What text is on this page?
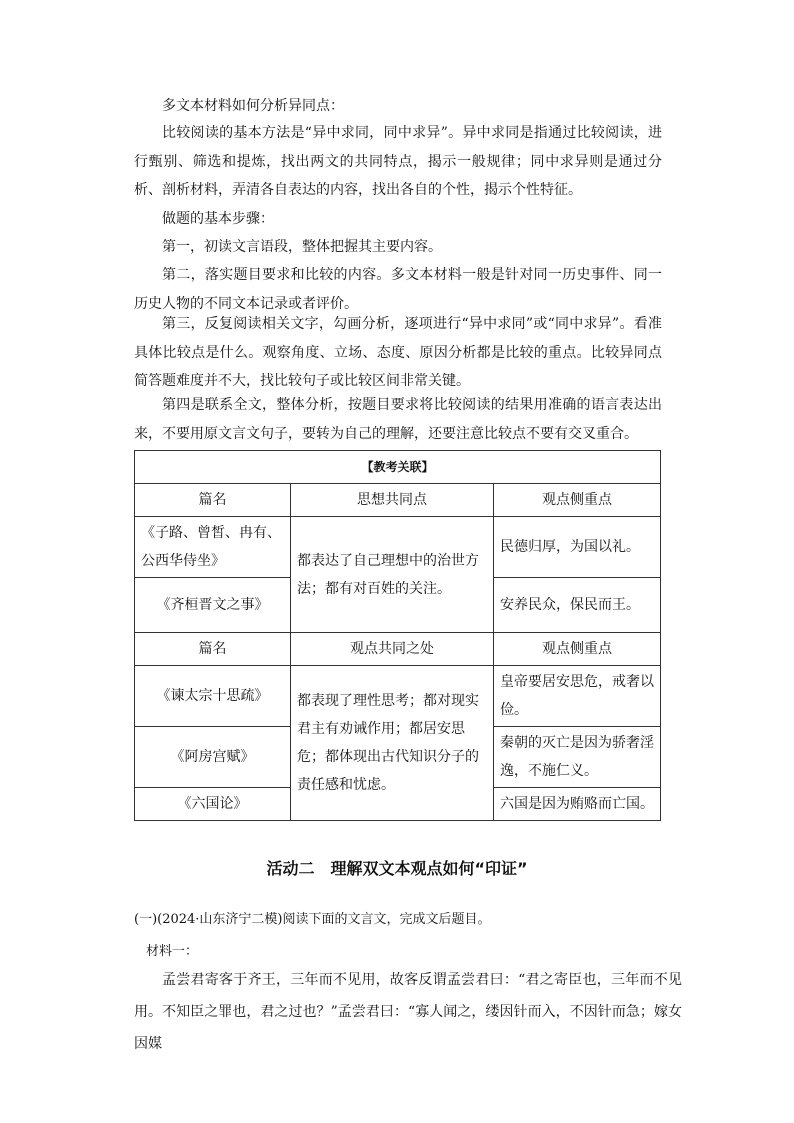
多文本材料如何分析异同点：

比较阅读的基本方法是“异中求同，同中求异”。异中求同是指通过比较阅读，进行甄别、筛选和提炼，找出两文的共同特点，揭示一般规律；同中求异则是通过分析、剖析材料，弄清各自表达的内容，找出各自的个性，揭示个性特征。

做题的基本步骤：

第一，初读文言语段，整体把握其主要内容。

第二，落实题目要求和比较的内容。多文本材料一般是针对同一历史事件、同一历史人物的不同文本记录或者评价。

第三，反复阅读相关文字，勾画分析，逐项进行“异中求同”或“同中求异”。看准具体比较点是什么。观察角度、立场、态度、原因分析都是比较的重点。比较异同点简答题难度并不大，找比较句子或比较区间非常关键。

第四是联系全文，整体分析，按题目要求将比较阅读的结果用准确的语言表达出来，不要用原文言文句子，要转为自己的理解，还要注意比较点不要有交叉重合。

【教考关联】		
篇名	思想共同点	观点侧重点
《子路、曾皙、冉有、公西华侍坐》	都表达了自己理想中的治世方法；都有对百姓的关注。	民德归厚，为国以礼。
《齐桓晋文之事》		安养民众，保民而王。
篇名	观点共同之处	观点侧重点
《谏太宗十思疏》	都表现了理性思考；都对现实君主有劝诫作用；都居安思危；都体现出古代知识分子的责任感和忧虑。	皇帝要居安思危，戒奢以俭。
《阿房宫赋》		秦朝的灭亡是因为骄奢淫逸，不施仁义。
《六国论》		六国是因为贿赂而亡国。
活动二　理解双文本观点如何“印证”

(一)(2024·山东济宁二模)阅读下面的文言文，完成文后题目。

材料一：

孟尝君寄客于齐王，三年而不见用，故客反谓孟尝君曰：“君之寄臣也，三年而不见用。不知臣之罪也，君之过也？”孟尝君曰：“寡人闻之，缕因针而入，不因针而急；嫁女因媒
